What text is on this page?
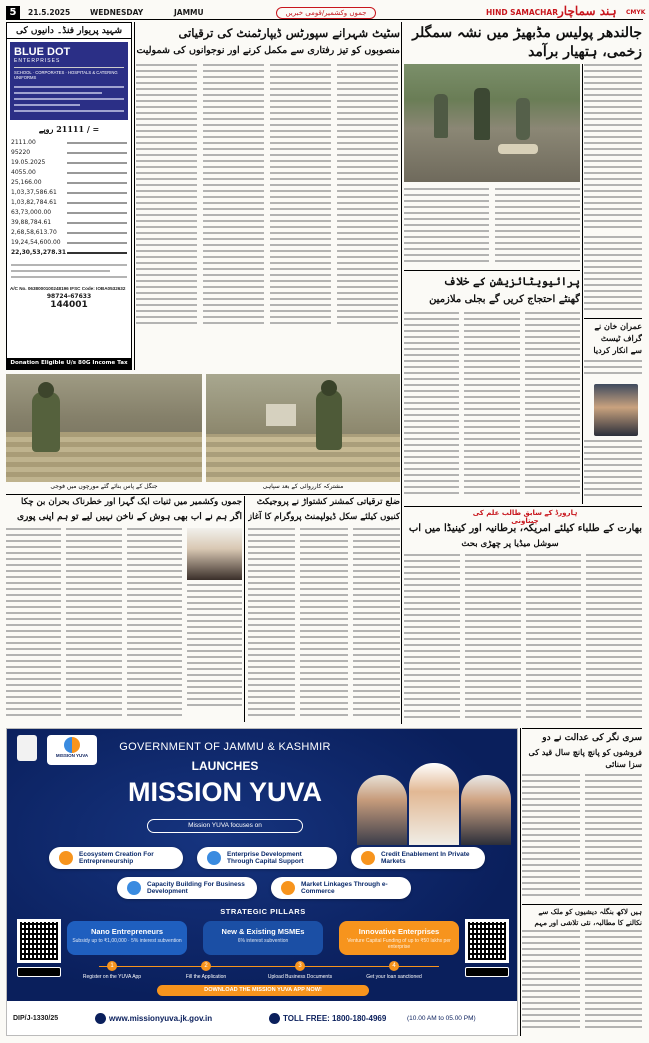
5	21.5.2025	WEDNESDAY	JAMMU	جموں وکشمیر/قومی خبریں	HIND SAMACHAR ہند سماچار CMYK
شہید پریوار فنڈ۔ دانیوں کی
BLUE DOT
ENTERPRISES
SCHOOL · CORPORATES · HOSPITALS & CATERING UNIFORMS
= / 21111 روپے
2111.00
95220
19.05.2025
4055.00
25,166.00
1,03,37,586.61
1,03,82,784.61
63,73,000.00
39,88,784.61
2,68,58,613.70
19,24,54,600.00
22,30,53,278.31
A/C No. 0638000100248196 IFSC Code: IOBA0532632
98724-67633
144001
Donation Eligible U/s 80G Income Tax
سٹیٹ شہرانے سپورٹس ڈیپارٹمنٹ کی ترقیاتی
منصوبوں کو تیز رفتاری سے مکمل کرنے اور نوجوانوں کی شمولیت
جالندھر پولیس مڈبھیڑ میں نشہ سمگلر زخمی، ہتھیار برآمد
پرائیویٹائزیشن کے خلاف
گھنٹے احتجاج کریں گے بجلی ملازمین
عمران خان نے
گراف ٹیسٹ
سے انکار کردیا
جنگل کے پاس بنائے گئے مورچوں میں فوجی	مشترکہ کارروائی کے بعد سپاہی
جموں وکشمیر میں ثنیات ایک گہرا اور خطرناک بحران بن چکا
اگر ہم نے اب بھی ہوش کے ناخن نہیں لیے تو ہم اپنی پوری
ضلع ترقیاتی کمشنر کشتواڑ نے پروجیکٹ
کنبوں کیلئے سکل ڈیولپمنٹ پروگرام کا آغاز	ہارورڈ کے سابق طالب علم کی چیتاونی
بھارت کے طلباء کیلئے امریکہ، برطانیہ اور کینیڈا میں اب
سوشل میڈیا پر چھڑی بحث
سری نگر کی عدالت نے دو
فروشوں کو پانچ پانچ سال قید کی سزا سنائی
ہیں لاکھ بنگلہ دیشیوں کو ملک سے نکالنے کا مطالبہ، نئی تلاشی اور مہم
MISSION YUVA
GOVERNMENT OF JAMMU & KASHMIR
LAUNCHES
MISSION YUVA
Mission YUVA focuses on
Ecosystem Creation For Entrepreneurship
Enterprise Development Through Capital Support
Credit Enablement In Private Markets
Capacity Building For Business Development
Market Linkages Through e-Commerce
STRATEGIC PILLARS
Nano Entrepreneurs
Subsidy up to ₹1,00,000 · 5% interest subvention
New & Existing MSMEs
6% interest subvention
Innovative Enterprises
Venture Capital Funding of up to ₹50 lakhs per enterprise
1
Register on the YUVA App
2
Fill the Application
3
Upload Business Documents
4
Get your loan sanctioned
DOWNLOAD THE MISSION YUVA APP NOW!
DIP/J-1330/25	www.missionyuva.jk.gov.in	TOLL FREE: 1800-180-4969	(10.00 AM to 05.00 PM)
